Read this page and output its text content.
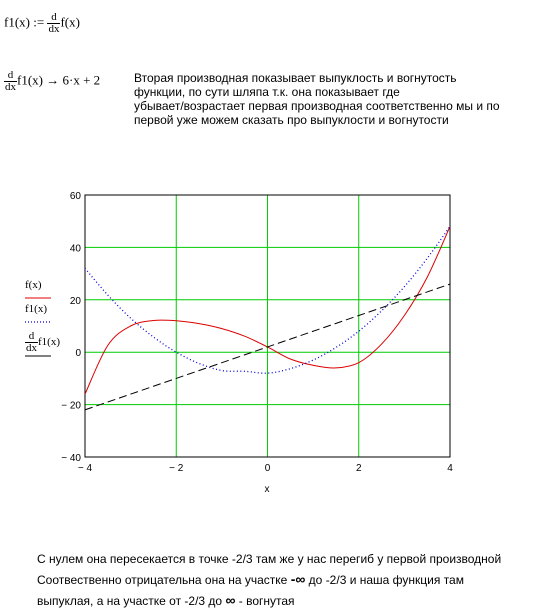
f1(x) := $\frac{d}{dx} f(x)$
$\frac{d}{dx} f1(x) \to 6\cdot x + 2$	Вторая производная показывает выпуклость и вогнутость
функции, по сути шляпа т.к. она показывает где
убывает/возрастает первая производная соответственно мы и по
первой уже можем сказать про выпуклости и вогнутости
− 4	− 2	0	2	4
− 40
− 20
0
20
40
60
x
f(x)
f1(x)
$\frac{d}{dx} f1(x)$
С нулем она пересекается в точке -2/3 там же у нас перегиб у первой производной
Соотвественно отрицательна она на участке -∞ до -2/3 и наша функция там
выпуклая, а на участке от -2/3 до ∞ - вогнутая
